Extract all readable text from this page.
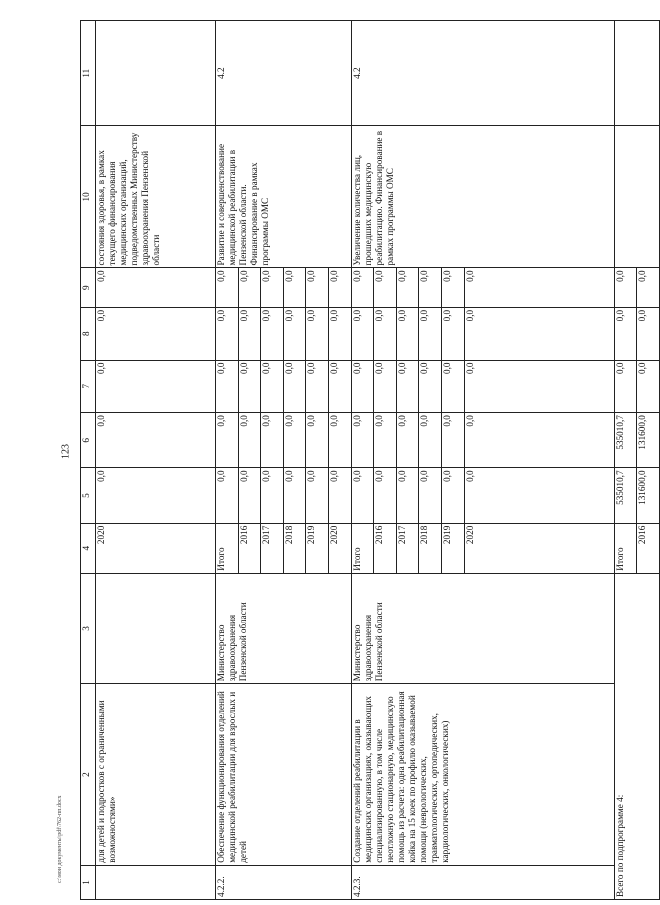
123
c:\мои документы\pdf\762-пп.docx 1	2	3	4	5	6	7	8	9	10	11
	для детей и подростков с ограниченными возможностями»		2020	0,0	0,0	0,0	0,0	0,0	состояния здоровья, в рамках текущего финансирования медицинских организаций, подведомственных Министерству здравоохранения Пензенской области	
4.2.2.	Обеспечение функционирования отделений медицинской реабилитации для взрослых и детей	Министерство здравоохранения Пензенской области	Итого	0,0	0,0	0,0	0,0	0,0	Развитие и совершенствование медицинской реабилитации в Пензенской области. Финансирование в рамках программы ОМС	4.2
			2016	0,0	0,0	0,0	0,0	0,0		
			2017	0,0	0,0	0,0	0,0	0,0		
			2018	0,0	0,0	0,0	0,0	0,0		
			2019	0,0	0,0	0,0	0,0	0,0		
			2020	0,0	0,0	0,0	0,0	0,0		
4.2.3.	Создание отделений реабилитации в медицинских организациях, оказывающих специализированную, в том числе неотложную стационарную, медицинскую помощь из расчета: одна реабилитационная койка на 15 коек по профилю оказываемой помощи (неврологических, травматологических, ортопедических, кардиологических, онкологических)	Министерство здравоохранения Пензенской области	Итого	0,0	0,0	0,0	0,0	0,0	Увеличение количества лиц, прошедших медицинскую реабилитацию. Финансирование в рамках программы ОМС	4.2
			2016	0,0	0,0	0,0	0,0	0,0		
			2017	0,0	0,0	0,0	0,0	0,0		
			2018	0,0	0,0	0,0	0,0	0,0		
			2019	0,0	0,0	0,0	0,0	0,0		
			2020	0,0	0,0	0,0	0,0	0,0		
Всего по подпрограмме 4:			Итого	535010,7	535010,7	0,0	0,0	0,0		
			2016	131600,0	131600,0	0,0	0,0	0,0		
